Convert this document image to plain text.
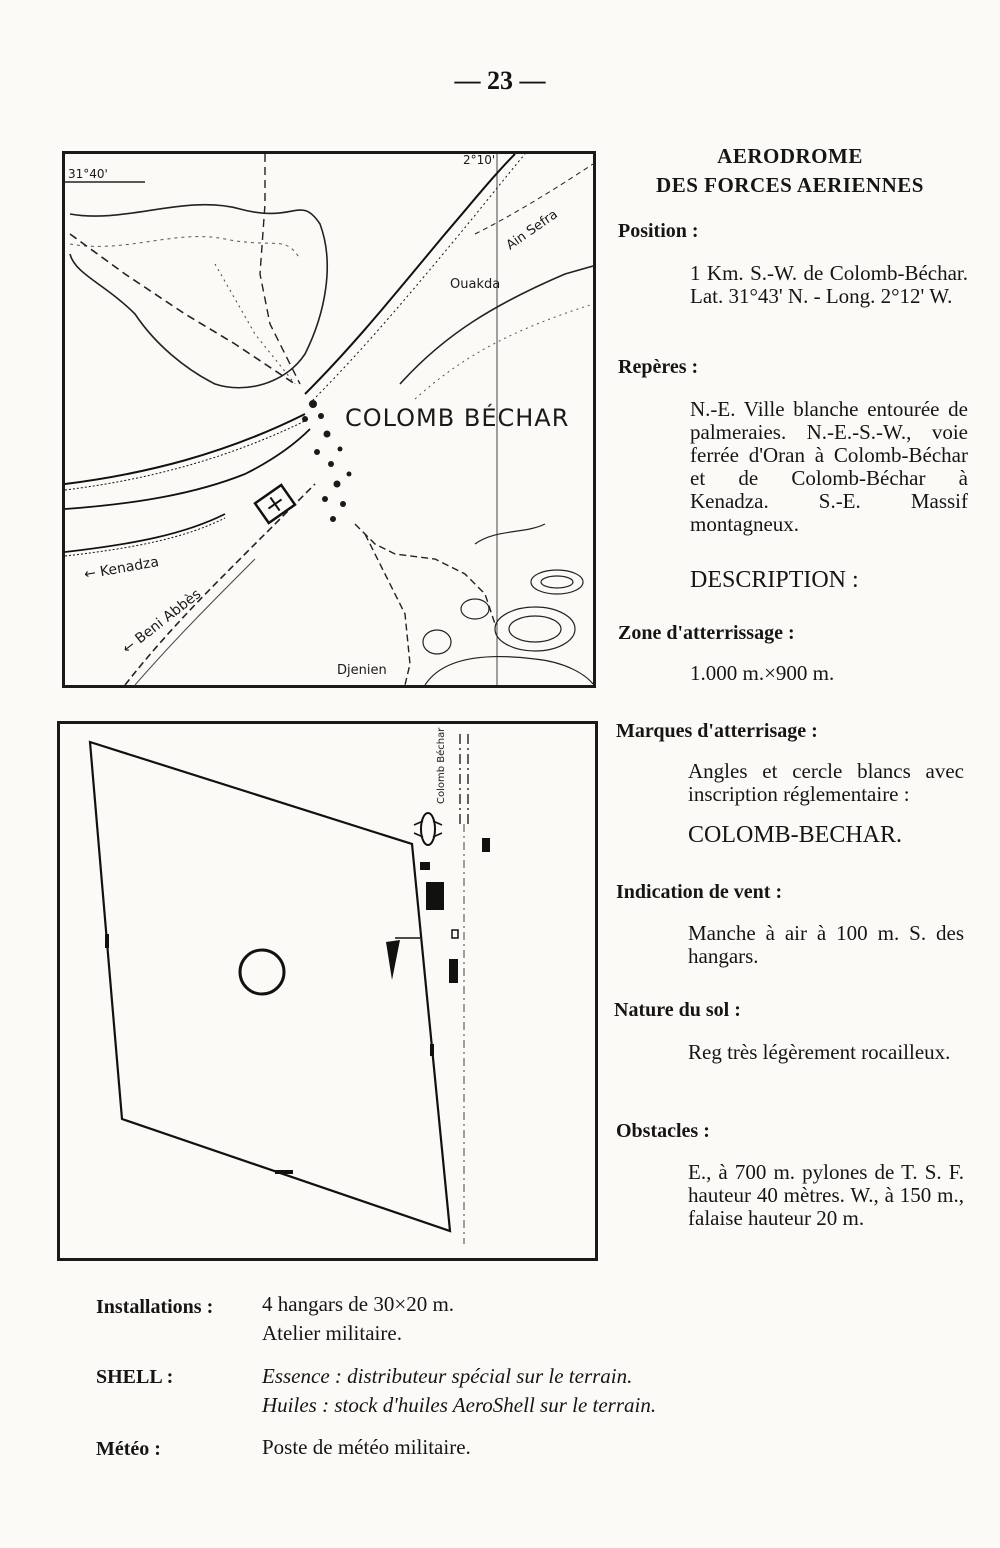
— 23 —
31°40'
2°10'
COLOMB BÉCHAR
Ain Sefra
Ouakda
← Kenadza
← Beni Abbès
Djenien
Colomb Béchar
AERODROME
DES FORCES AERIENNES
Position :
1 Km. S.-W. de Colomb-Béchar. Lat. 31°43' N. - Long. 2°12' W.
Repères :
N.-E. Ville blanche entourée de palmeraies. N.-E.-S.-W., voie ferrée d'Oran à Colomb-Béchar et de Colomb-Béchar à Kenadza. S.-E. Massif montagneux.
DESCRIPTION :
Zone d'atterrissage :
1.000 m.×900 m.
Marques d'atterrisage :
Angles et cercle blancs avec inscription réglementaire :
COLOMB-BECHAR.
Indication de vent :
Manche à air à 100 m. S. des hangars.
Nature du sol :
Reg très légèrement rocailleux.
Obstacles :
E., à 700 m. pylones de T. S. F. hauteur 40 mètres. W., à 150 m., falaise hauteur 20 m.
Installations : 4 hangars de 30×20 m.
Atelier militaire.
SHELL :	Essence : distributeur spécial sur le terrain.
Huiles : stock d'huiles AeroShell sur le terrain.
Météo :	Poste de météo militaire.
